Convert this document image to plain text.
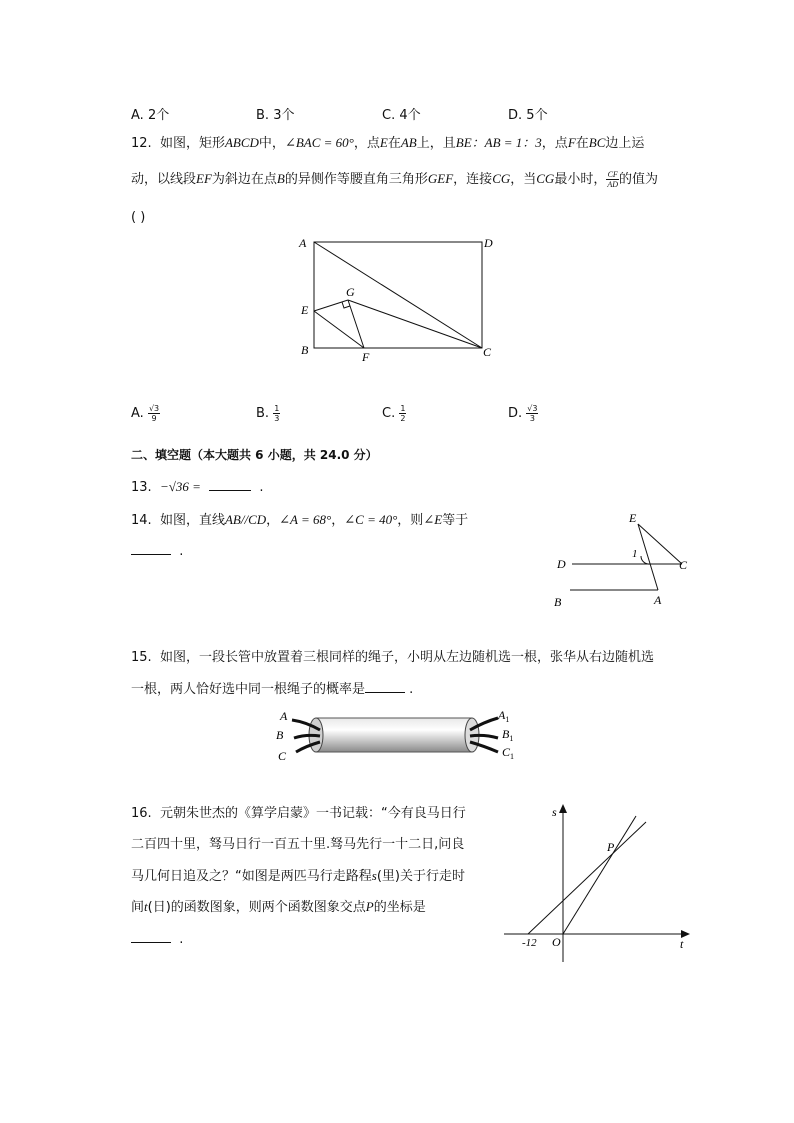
A. 2个	B. 3个	C. 4个	D. 5个
12. 如图，矩形ABCD中，∠BAC = 60°，点E在AB上，且BE：AB = 1：3，点F在BC边上运
动，以线段EF为斜边在点B的异侧作等腰直角三角形GEF，连接CG，当CG最小时， $\frac{CF}{AD}$ 的值为
( )
A	D
E
G
B	F	C
A. $\frac{√3}{9}$	B. $\frac{1}{3}$	C. $\frac{1}{2}$	D. $\frac{√3}{3}$
二、填空题（本大题共 6 小题，共 24.0 分）
13. −√36 =	.
14. 如图，直线AB//CD，∠A = 68°，∠C = 40°，则∠E等于
.
E
1
D	C
B	A
15. 如图，一段长管中放置着三根同样的绳子，小明从左边随机选一根，张华从右边随机选
一根，两人恰好选中同一根绳子的概率是	.
A
B
C
$A_1$
$B_1$
$C_1$
16. 元朝朱世杰的《算学启蒙》一书记载：“今有良马日行
二百四十里，驽马日行一百五十里.驽马先行一十二日,问良
马几何日追及之？“如图是两匹马行走路程s(里)关于行走时
间t(日)的函数图象，则两个函数图象交点P的坐标是
.
s
P
-12 O	t
